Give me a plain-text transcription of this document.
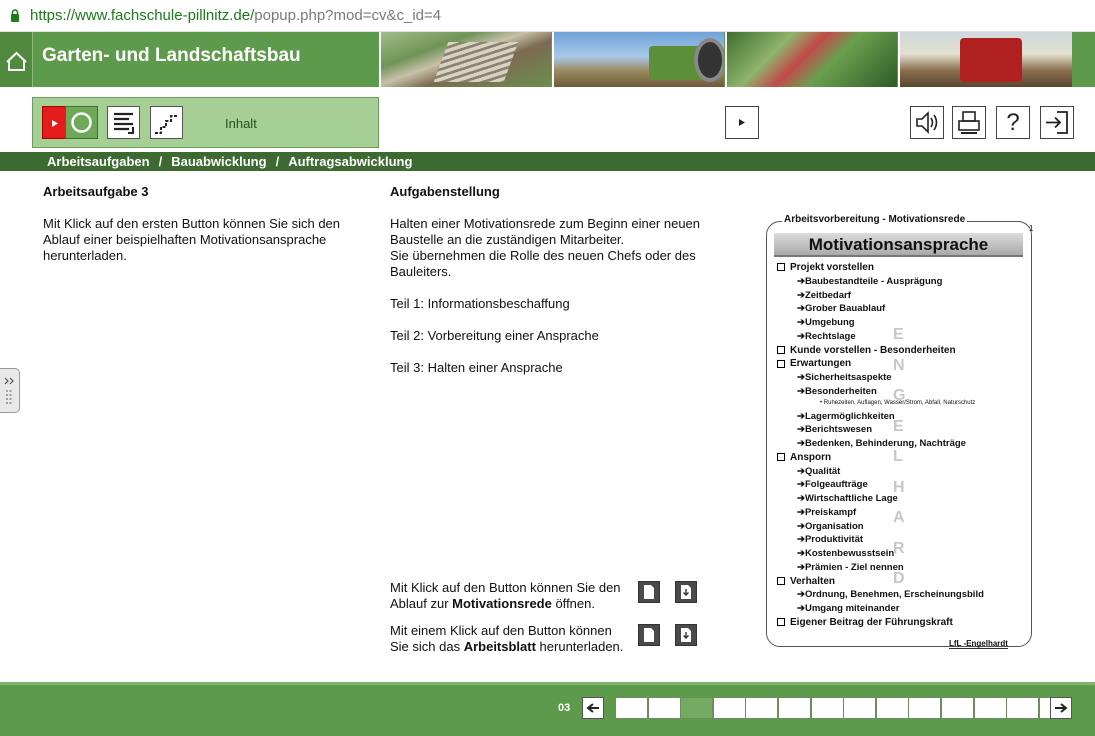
https://www.fachschule-pillnitz.de/popup.php?mod=cv&c_id=4
Garten- und Landschaftsbau
Inhalt	?
Arbeitsaufgaben / Bauabwicklung / Auftragsabwicklung
Arbeitsaufgabe 3
Mit Klick auf den ersten Button können Sie sich den Ablauf einer beispielhaften Motivationsansprache herunterladen.
Aufgabenstellung
Halten einer Motivationsrede zum Beginn einer neuen Baustelle an die zuständigen Mitarbeiter.
Sie übernehmen die Rolle des neuen Chefs oder des Bauleiters.
Teil 1: Informationsbeschaffung
Teil 2: Vorbereitung einer Ansprache
Teil 3: Halten einer Ansprache
Mit Klick auf den Button können Sie den Ablauf zur Motivationsrede öffnen.
Mit einem Klick auf den Button können Sie sich das Arbeitsblatt herunterladen.
Arbeitsvorbereitung - Motivationsrede
1
Motivationsansprache
Projekt vorstellen
➔Baubestandteile - Ausprägung
➔Zeitbedarf
➔Grober Bauablauf
➔Umgebung
➔Rechtslage
Kunde vorstellen - Besonderheiten
Erwartungen
➔Sicherheitsaspekte
➔Besonderheiten
• Ruhezeiten, Auflagen, Wasser/Strom, Abfall, Naturschutz
➔Lagermöglichkeiten
➔Berichtswesen
➔Bedenken, Behinderung, Nachträge
Ansporn
➔Qualität
➔Folgeaufträge
➔Wirtschaftliche Lage
➔Preiskampf
➔Organisation
➔Produktivität
➔Kostenbewusstsein
➔Prämien - Ziel nennen
Verhalten
➔Ordnung, Benehmen, Erscheinungsbild
➔Umgang miteinander
Eigener Beitrag der Führungskraft
E
N
G
E
L
H
A
R
D
LfL -Engelhardt
03
